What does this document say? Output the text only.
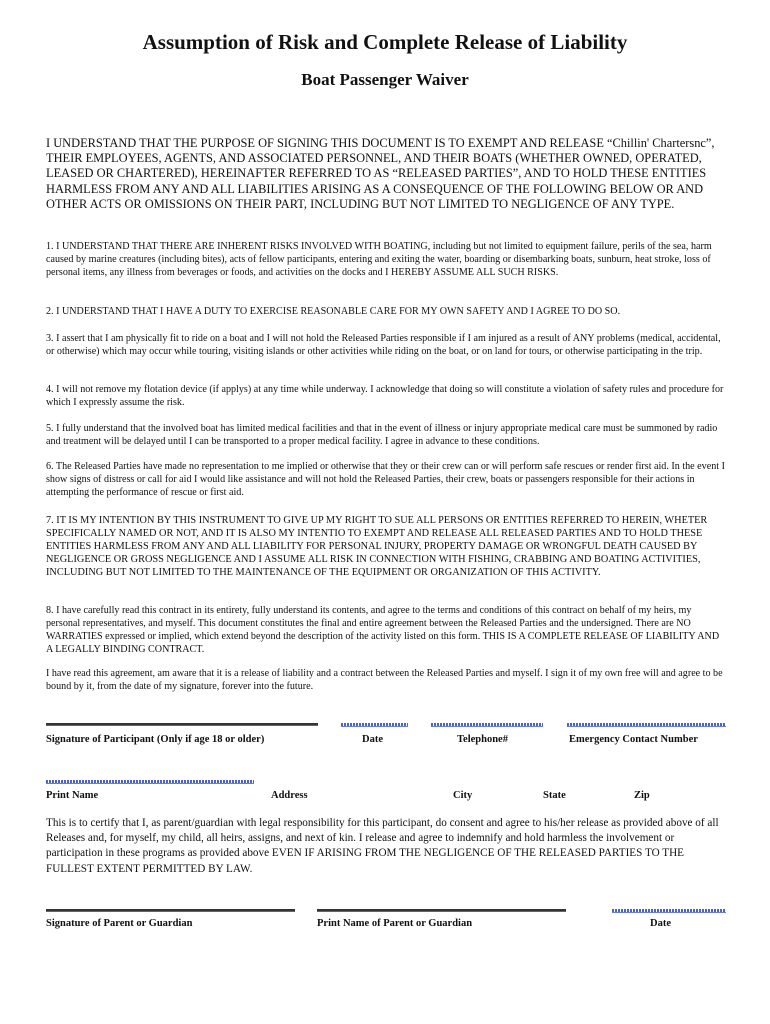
Assumption of Risk and Complete Release of Liability
Boat Passenger Waiver

I UNDERSTAND THAT THE PURPOSE OF SIGNING THIS DOCUMENT IS TO EXEMPT AND RELEASE “Chillin' Chartersnc”, THEIR EMPLOYEES, AGENTS, AND ASSOCIATED PERSONNEL, AND THEIR BOATS (WHETHER OWNED, OPERATED, LEASED OR CHARTERED), HEREINAFTER REFERRED TO AS “RELEASED PARTIES”, AND TO HOLD THESE ENTITIES HARMLESS FROM ANY AND ALL LIABILITIES ARISING AS A CONSEQUENCE OF THE FOLLOWING BELOW OR AND OTHER ACTS OR OMISSIONS ON THEIR PART, INCLUDING BUT NOT LIMITED TO NEGLIGENCE OF ANY TYPE.

1. I UNDERSTAND THAT THERE ARE INHERENT RISKS INVOLVED WITH BOATING, including but not limited to equipment failure, perils of the sea, harm caused by marine creatures (including bites), acts of fellow participants, entering and exiting the water, boarding or disembarking boats, sunburn, heat stroke, loss of personal items, any illness from beverages or foods, and activities on the docks and I HEREBY ASSUME ALL SUCH RISKS.

2. I UNDERSTAND THAT I HAVE A DUTY TO EXERCISE REASONABLE CARE FOR MY OWN SAFETY AND I AGREE TO DO SO.

3. I assert that I am physically fit to ride on a boat and I will not hold the Released Parties responsible if I am injured as a result of ANY problems (medical, accidental, or otherwise) which may occur while touring, visiting islands or other activities while riding on the boat, or on land for tours, or otherwise participating in the trip.

4. I will not remove my flotation device (if applys) at any time while underway. I acknowledge that doing so will constitute a violation of safety rules and procedure for which I expressly assume the risk.

5. I fully understand that the involved boat has limited medical facilities and that in the event of illness or injury appropriate medical care must be summoned by radio and treatment will be delayed until I can be transported to a proper medical facility. I agree in advance to these conditions.

6. The Released Parties have made no representation to me implied or otherwise that they or their crew can or will perform safe rescues or render first aid. In the event I show signs of distress or call for aid I would like assistance and will not hold the Released Parties, their crew, boats or passengers responsible for their actions in attempting the performance of rescue or first aid.

7. IT IS MY INTENTION BY THIS INSTRUMENT TO GIVE UP MY RIGHT TO SUE ALL PERSONS OR ENTITIES REFERRED TO HEREIN, WHETER SPECIFICALLY NAMED OR NOT, AND IT IS ALSO MY INTENTIO TO EXEMPT AND RELEASE ALL RELEASED PARTIES AND TO HOLD THESE ENTITIES HARMLESS FROM ANY AND ALL LIABILITY FOR PERSONAL INJURY, PROPERTY DAMAGE OR WRONGFUL DEATH CAUSED BY NEGLIGENCE OR GROSS NEGLIGENCE AND I ASSUME ALL RISK IN CONNECTION WITH FISHING, CRABBING AND BOATING ACTIVITIES, INCLUDING BUT NOT LIMITED TO THE MAINTENANCE OF THE EQUIPMENT OR ORGANIZATION OF THIS ACTIVITY.

8. I have carefully read this contract in its entirety, fully understand its contents, and agree to the terms and conditions of this contract on behalf of my heirs, my personal representatives, and myself. This document constitutes the final and entire agreement between the Released Parties and the undersigned. There are NO WARRATIES expressed or implied, which extend beyond the description of the activity listed on this form. THIS IS A COMPLETE RELEASE OF LIABILITY AND A LEGALLY BINDING CONTRACT.

I have read this agreement, am aware that it is a release of liability and a contract between the Released Parties and myself. I sign it of my own free will and agree to be bound by it, from the date of my signature, forever into the future.

Signature of Participant (Only if age 18 or older)	Date	Telephone#	Emergency Contact Number
Print Name	Address	City	State	Zip

This is to certify that I, as parent/guardian with legal responsibility for this participant, do consent and agree to his/her release as provided above of all Releases and, for myself, my child, all heirs, assigns, and next of kin. I release and agree to indemnify and hold harmless the involvement or participation in these programs as provided above EVEN IF ARISING FROM THE NEGLIGENCE OF THE RELEASED PARTIES TO THE FULLEST EXTENT PERMITTED BY LAW.

Signature of Parent or Guardian	Print Name of Parent or Guardian	Date
